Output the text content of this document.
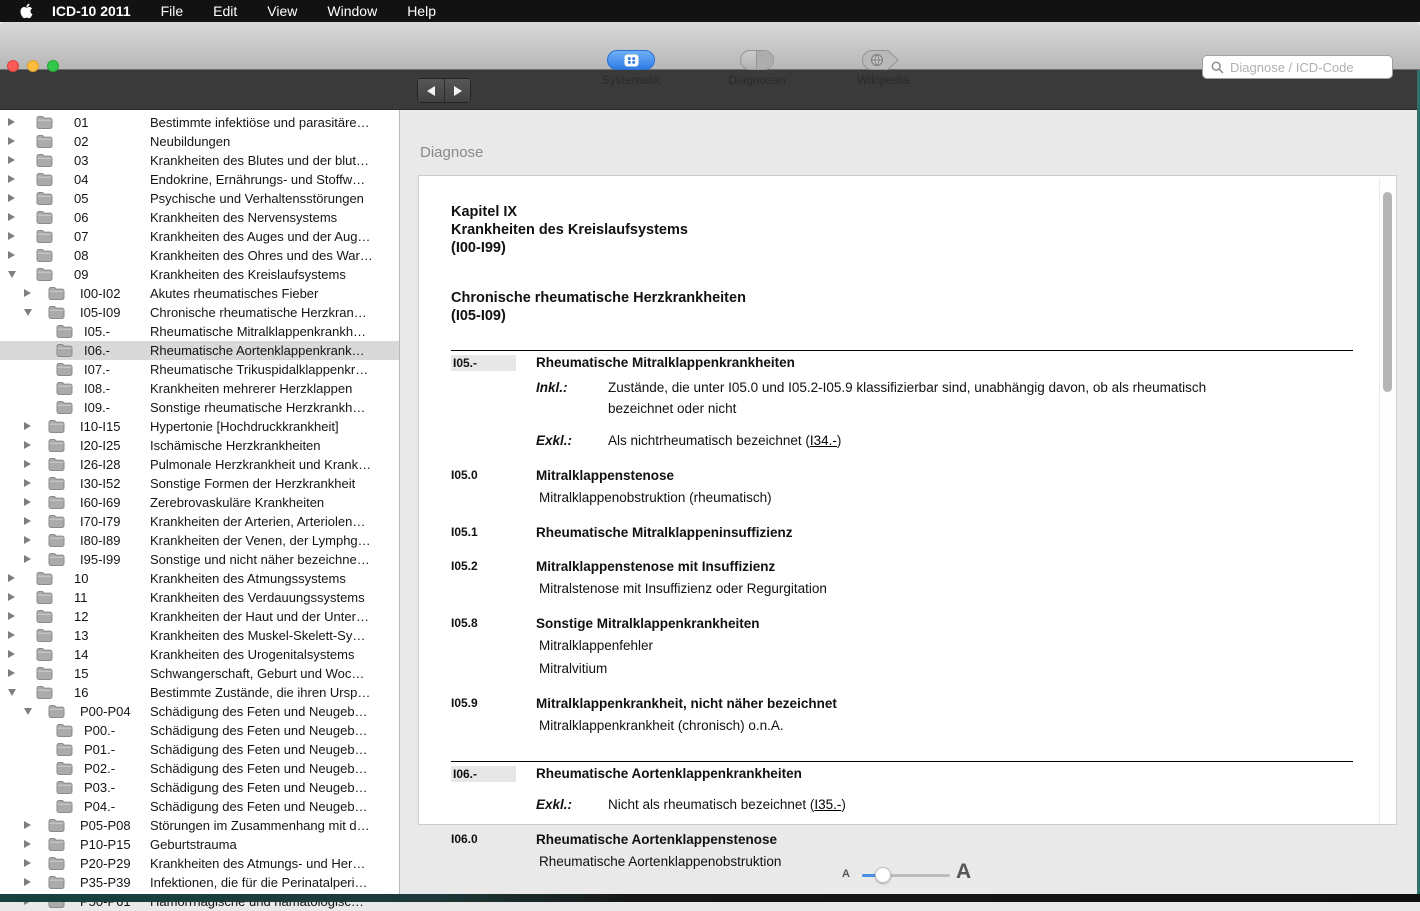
ICD-10 2011 File Edit View Window Help
Systematik	Diagnosen	Wikipedia
Diagnose / ICD-Code
01	Bestimmte infektiöse und parasitäre…
02	Neubildungen
03	Krankheiten des Blutes und der blut…
04	Endokrine, Ernährungs- und Stoffw…
05	Psychische und Verhaltensstörungen
06	Krankheiten des Nervensystems
07	Krankheiten des Auges und der Aug…
08	Krankheiten des Ohres und des War…
09	Krankheiten des Kreislaufsystems
I00-I02 Akutes rheumatisches Fieber
I05-I09 Chronische rheumatische Herzkran…
I05.-	Rheumatische Mitralklappenkrankh…
I06.-	Rheumatische Aortenklappenkrank…
I07.-	Rheumatische Trikuspidalklappenkr…
I08.-	Krankheiten mehrerer Herzklappen
I09.-	Sonstige rheumatische Herzkrankh…
I10-I15 Hypertonie [Hochdruckkrankheit]
I20-I25 Ischämische Herzkrankheiten
I26-I28 Pulmonale Herzkrankheit und Krank…
I30-I52 Sonstige Formen der Herzkrankheit
I60-I69 Zerebrovaskuläre Krankheiten
I70-I79 Krankheiten der Arterien, Arteriolen…
I80-I89 Krankheiten der Venen, der Lymphg…
I95-I99 Sonstige und nicht näher bezeichne…
10	Krankheiten des Atmungssystems
11	Krankheiten des Verdauungssystems
12	Krankheiten der Haut und der Unter…
13	Krankheiten des Muskel-Skelett-Sy…
14	Krankheiten des Urogenitalsystems
15	Schwangerschaft, Geburt und Woc…
16	Bestimmte Zustände, die ihren Ursp…
P00-P04 Schädigung des Feten und Neugeb…
P00.-	Schädigung des Feten und Neugeb…
P01.-	Schädigung des Feten und Neugeb…
P02.-	Schädigung des Feten und Neugeb…
P03.-	Schädigung des Feten und Neugeb…
P04.-	Schädigung des Feten und Neugeb…
P05-P08 Störungen im Zusammenhang mit d…
P10-P15 Geburtstrauma
P20-P29 Krankheiten des Atmungs- und Her…
P35-P39 Infektionen, die für die Perinatalperi…
Diagnose
Kapitel IX
Krankheiten des Kreislaufsystems
(I00-I99)
Chronische rheumatische Herzkrankheiten
(I05-I09)
I05.-	Rheumatische Mitralklappenkrankheiten
Inkl.:	Zustände, die unter I05.0 und I05.2-I05.9 klassifizierbar sind, unabhängig davon, ob als rheumatisch
bezeichnet oder nicht
Exkl.:	Als nichtrheumatisch bezeichnet (I34.-)
I05.0	Mitralklappenstenose
Mitralklappenobstruktion (rheumatisch)
I05.1	Rheumatische Mitralklappeninsuffizienz
I05.2	Mitralklappenstenose mit Insuffizienz
Mitralstenose mit Insuffizienz oder Regurgitation
I05.8	Sonstige Mitralklappenkrankheiten
Mitralklappenfehler
Mitralvitium
I05.9	Mitralklappenkrankheit, nicht näher bezeichnet
Mitralklappenkrankheit (chronisch) o.n.A.
I06.-	Rheumatische Aortenklappenkrankheiten
Exkl.:	Nicht als rheumatisch bezeichnet (I35.-)
I06.0	Rheumatische Aortenklappenstenose
Rheumatische Aortenklappenobstruktion
A	A
